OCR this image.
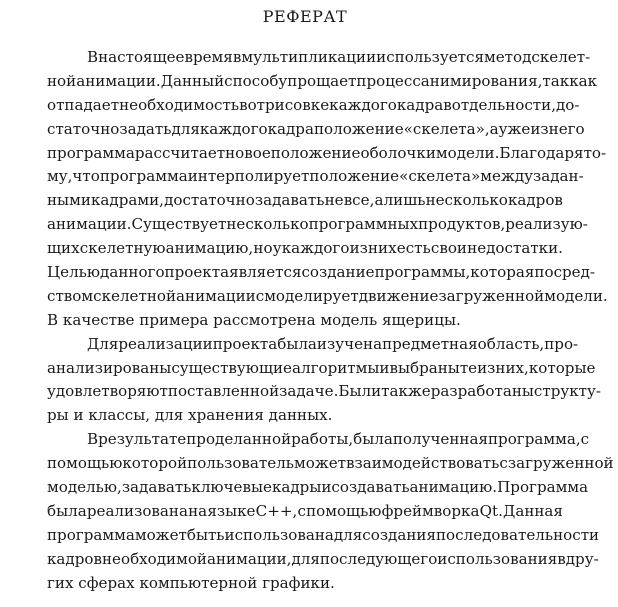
РЕФЕРАТ
В настоящее время в мультипликации используется метод скелет-
ной анимации. Данный способ упрощает процесс анимирования, так как
отпадает необходимость в отрисовке каждого кадра в отдельности, до-
статочно задать для каждого кадра положение «скелета», а уже из него
программа рассчитает новое положение оболочки модели. Благодаря то-
му, что программа интерполирует положение «скелета» между задан-
ными кадрами, достаточно задавать не все, а лишь несколько кадров
анимации. Существует несколько программных продуктов, реализую-
щих скелетную анимацию, но у каждого из них есть свои недостатки.
Целью данного проекта является создание программы, которая посред-
ством скелетной анимации смоделирует движение загруженной модели.
В качестве примера рассмотрена модель ящерицы.
Для реализации проекта была изучена предметная область, про-
анализированы существующие алгоритмы и выбраны те из них, которые
удовлетворяют поставленной задаче. Были также разработаны структу-
ры и классы, для хранения данных.
В результате проделанной работы, была полученная программа, с
помощью которой пользователь может взаимодействовать с загруженной
моделью, задавать ключевые кадры и создавать анимацию. Программа
была реализована на языке C++, с помощью фреймворка Qt. Данная
программа может быть использована для создания последовательности
кадров необходимой анимации, для последующего использования в дру-
гих сферах компьютерной графики.
